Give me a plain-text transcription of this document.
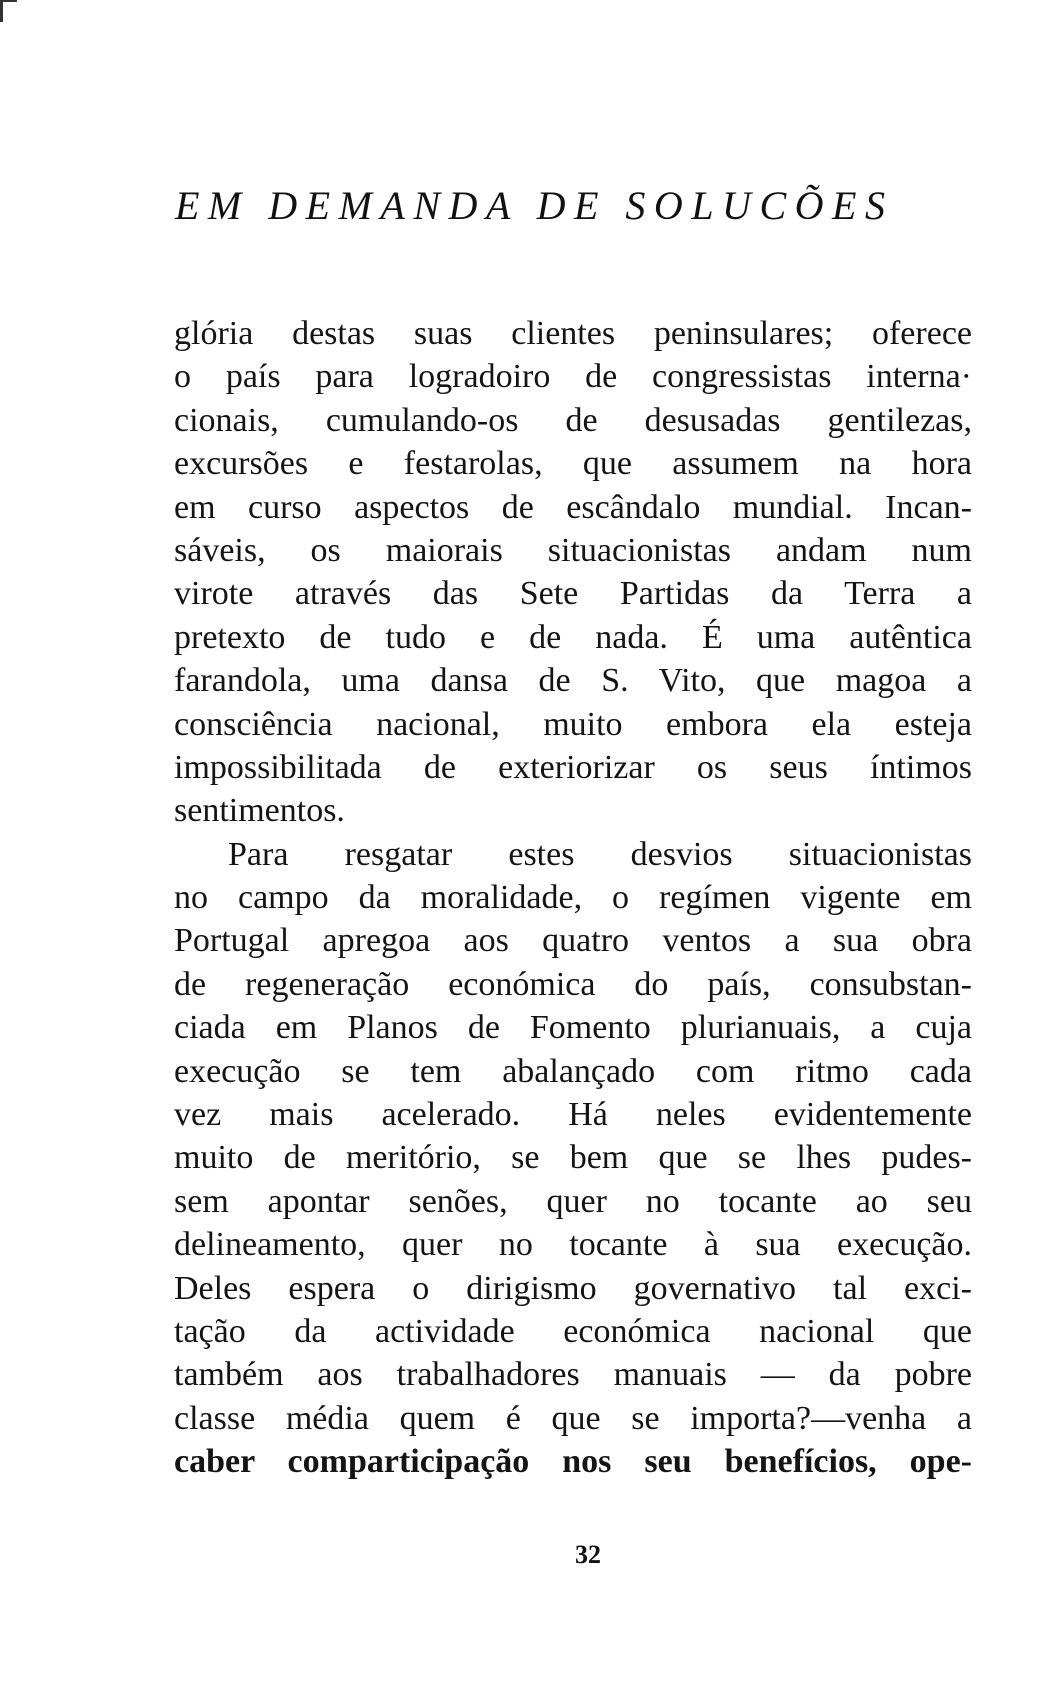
EM DEMANDA DE SOLUCÕES
glória destas suas clientes peninsulares; oferece
o país para logradoiro de congressistas interna·
cionais, cumulando-os de desusadas gentilezas,
excursões e festarolas, que assumem na hora
em curso aspectos de escândalo mundial. Incan-
sáveis, os maiorais situacionistas andam num
virote através das Sete Partidas da Terra a
pretexto de tudo e de nada. É uma autêntica
farandola, uma dansa de S. Vito, que magoa a
consciência nacional, muito embora ela esteja
impossibilitada de exteriorizar os seus íntimos
sentimentos.
Para resgatar estes desvios situacionistas
no campo da moralidade, o regímen vigente em
Portugal apregoa aos quatro ventos a sua obra
de regeneração económica do país, consubstan-
ciada em Planos de Fomento plurianuais, a cuja
execução se tem abalançado com ritmo cada
vez mais acelerado. Há neles evidentemente
muito de meritório, se bem que se lhes pudes-
sem apontar senões, quer no tocante ao seu
delineamento, quer no tocante à sua execução.
Deles espera o dirigismo governativo tal exci-
tação da actividade económica nacional que
também aos trabalhadores manuais — da pobre
classe média quem é que se importa?—venha a
caber comparticipação nos seu benefícios, ope-
32
